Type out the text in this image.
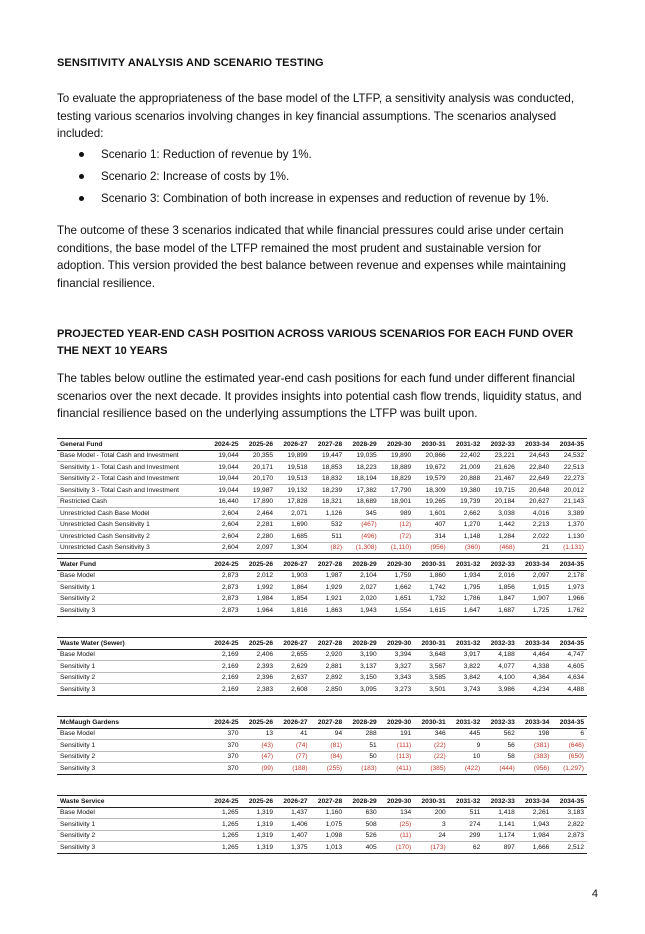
SENSITIVITY ANALYSIS AND SCENARIO TESTING
To evaluate the appropriateness of the base model of the LTFP, a sensitivity analysis was conducted, testing various scenarios involving changes in key financial assumptions. The scenarios analysed included:
Scenario 1: Reduction of revenue by 1%.
Scenario 2: Increase of costs by 1%.
Scenario 3: Combination of both increase in expenses and reduction of revenue by 1%.
The outcome of these 3 scenarios indicated that while financial pressures could arise under certain conditions, the base model of the LTFP remained the most prudent and sustainable version for adoption. This version provided the best balance between revenue and expenses while maintaining financial resilience.
PROJECTED YEAR-END CASH POSITION ACROSS VARIOUS SCENARIOS FOR EACH FUND OVER THE NEXT 10 YEARS
The tables below outline the estimated year-end cash positions for each fund under different financial scenarios over the next decade. It provides insights into potential cash flow trends, liquidity status, and financial resilience based on the underlying assumptions the LTFP was built upon.
General Fund	2024-25	2025-26	2026-27	2027-28	2028-29	2029-30	2030-31	2031-32	2032-33	2033-34	2034-35
Base Model - Total Cash and Investment	19,044	20,355	19,899	19,447	19,035	19,890	20,866	22,402	23,221	24,643	24,532
Sensitivity 1 - Total Cash and Investment	19,044	20,171	19,518	18,853	18,223	18,889	19,672	21,009	21,626	22,840	22,513
Sensitivity 2 - Total Cash and Investment	19,044	20,170	19,513	18,832	18,194	18,829	19,579	20,888	21,467	22,649	22,273
Sensitivity 3 - Total Cash and Investment	19,044	19,987	19,132	18,239	17,382	17,790	18,309	19,380	19,715	20,648	20,012
Restricted Cash	16,440	17,890	17,828	18,321	18,689	18,901	19,265	19,739	20,184	20,627	21,143
Unrestricted Cash Base Model	2,604	2,464	2,071	1,126	345	989	1,601	2,662	3,038	4,016	3,389
Unrestricted Cash Sensitivity 1	2,604	2,281	1,690	532	(467)	(12)	407	1,270	1,442	2,213	1,370
Unrestricted Cash Sensitivity 2	2,604	2,280	1,685	511	(496)	(72)	314	1,148	1,284	2,022	1,130
Unrestricted Cash Sensitivity 3	2,604	2,097	1,304	(82)	(1,308)	(1,110)	(956)	(360)	(468)	21	(1,131)
Water Fund	2024-25	2025-26	2026-27	2027-28	2028-29	2029-30	2030-31	2031-32	2032-33	2033-34	2034-35
Base Model	2,873	2,012	1,903	1,987	2,104	1,759	1,860	1,934	2,016	2,097	2,178
Sensitivity 1	2,873	1,992	1,864	1,929	2,027	1,662	1,742	1,795	1,856	1,915	1,973
Sensitivity 2	2,873	1,984	1,854	1,921	2,020	1,651	1,732	1,786	1,847	1,907	1,966
Sensitivity 3	2,873	1,964	1,816	1,863	1,943	1,554	1,615	1,647	1,687	1,725	1,762
Waste Water (Sewer)	2024-25	2025-26	2026-27	2027-28	2028-29	2029-30	2030-31	2031-32	2032-33	2033-34	2034-35
Base Model	2,169	2,406	2,655	2,920	3,190	3,394	3,648	3,917	4,188	4,464	4,747
Sensitivity 1	2,169	2,393	2,629	2,881	3,137	3,327	3,567	3,822	4,077	4,338	4,605
Sensitivity 2	2,169	2,396	2,637	2,892	3,150	3,343	3,585	3,842	4,100	4,364	4,634
Sensitivity 3	2,169	2,383	2,608	2,850	3,095	3,273	3,501	3,743	3,986	4,234	4,488
McMaugh Gardens	2024-25	2025-26	2026-27	2027-28	2028-29	2029-30	2030-31	2031-32	2032-33	2033-34	2034-35
Base Model	370	13	41	94	288	191	346	445	562	198	6
Sensitivity 1	370	(43)	(74)	(81)	51	(111)	(22)	9	56	(381)	(646)
Sensitivity 2	370	(47)	(77)	(84)	50	(113)	(22)	10	58	(383)	(650)
Sensitivity 3	370	(99)	(188)	(255)	(183)	(411)	(385)	(422)	(444)	(956)	(1,297)
Waste Service	2024-25	2025-26	2026-27	2027-28	2028-29	2029-30	2030-31	2031-32	2032-33	2033-34	2034-35
Base Model	1,265	1,319	1,437	1,160	630	134	200	511	1,418	2,261	3,183
Sensitivity 1	1,265	1,319	1,406	1,075	508	(25)	3	274	1,141	1,943	2,822
Sensitivity 2	1,265	1,319	1,407	1,098	526	(11)	24	299	1,174	1,984	2,873
Sensitivity 3	1,265	1,319	1,375	1,013	405	(170)	(173)	62	897	1,666	2,512
4
